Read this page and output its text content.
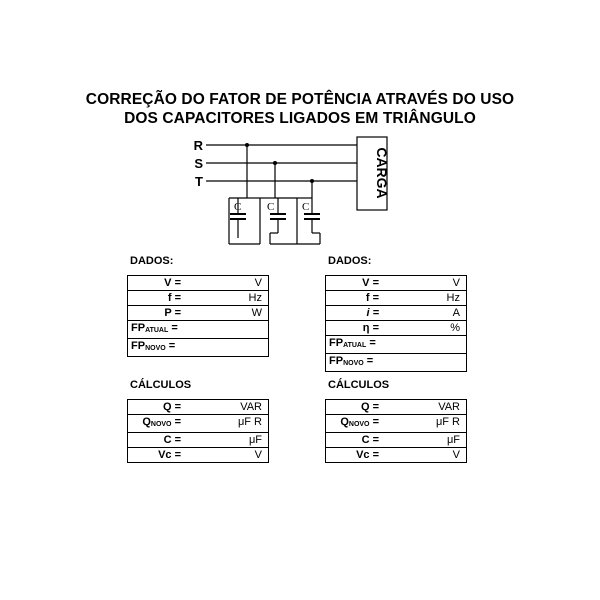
CORREÇÃO DO FATOR DE POTÊNCIA ATRAVÉS DO USO
DOS CAPACITORES LIGADOS EM TRIÂNGULO
R
S
T
C C	C
CARGA
DADOS:
V =	V

f =	Hz

P =	W

$FP_{ATUAL}$ =
$FP_{NOVO}$ =
CÁLCULOS
Q =	VAR

$Q_{NOVO}$ =	μF R

C =	μF

Vc =	V
DADOS:
V =	V

f =	Hz

i =	A

η =	%

$FP_{ATUAL}$ =
$FP_{NOVO}$ =
CÁLCULOS
Q =	VAR

$Q_{NOVO}$ =	μF R

C =	μF

Vc =	V
